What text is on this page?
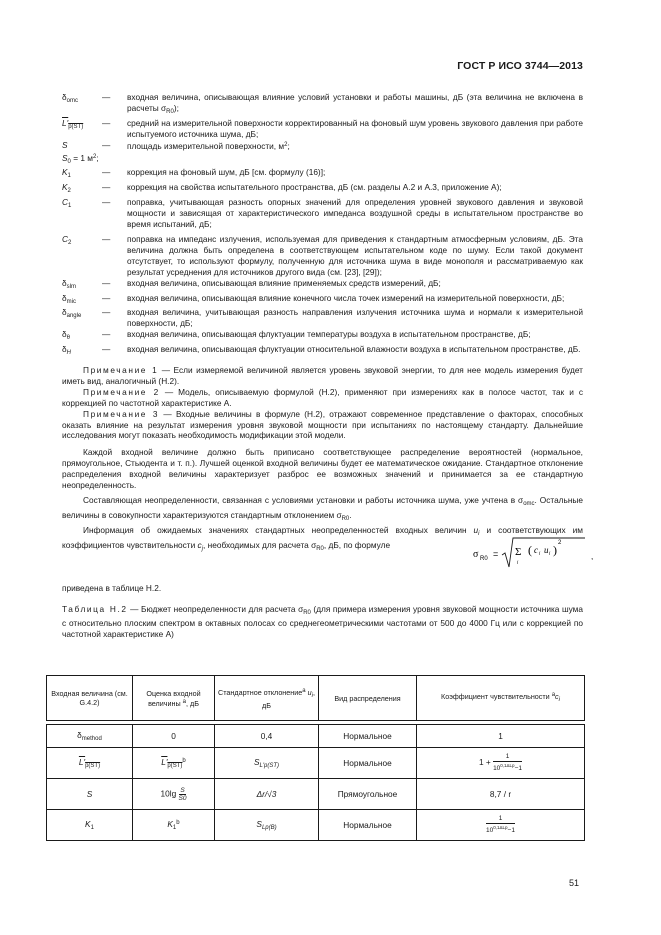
ГОСТ Р ИСО 3744—2013
$\delta_{omc}$	—	входная величина, описывающая влияние условий установки и работы машины, дБ (эта величина не включена в расчеты $\sigma_{R0}$);
$L'_{p(ST)}$	—	средний на измерительной поверхности корректированный на фоновый шум уровень звукового давления при работе испытуемого источника шума, дБ;
S	—	площадь измерительной поверхности, $м^2$;
$S_0 = 1$ $м^2$;
$K_1$	—	коррекция на фоновый шум, дБ [см. формулу (16)];
$K_2$	—	коррекция на свойства испытательного пространства, дБ (см. разделы А.2 и А.3, приложение А);
$C_1$	—	поправка, учитывающая разность опорных значений для определения уровней звукового давления и звуковой мощности и зависящая от характеристического импеданса воздушной среды в испытательном пространстве во время испытаний, дБ;
$C_2$	—	поправка на импеданс излучения, используемая для приведения к стандартным атмосферным условиям, дБ. Эта величина должна быть определена в соответствующем испытательном коде по шуму. Если такой документ отсутствует, то используют формулу, полученную для источника шума в виде монополя и рассматриваемую как результат усреднения для источников другого вида (см. [23], [29]);
$\delta_{slm}$	—	входная величина, описывающая влияние применяемых средств измерений, дБ;
$\delta_{mic}$	—	входная величина, описывающая влияние конечного числа точек измерений на измерительной поверхности, дБ;
$\delta_{angle}$	—	входная величина, учитывающая разность направления излучения источника шума и нормали к измерительной поверхности, дБ;
$\delta_\theta$	—	входная величина, описывающая флуктуации температуры воздуха в испытательном пространстве, дБ;
$\delta_H$	—	входная величина, описывающая флуктуации относительной влажности воздуха в испытательном пространстве, дБ.
Примечание 1 — Если измеряемой величиной является уровень звуковой энергии, то для нее модель измерения будет иметь вид, аналогичный (Н.2).
Примечание 2 — Модель, описываемую формулой (Н.2), применяют при измерениях как в полосе частот, так и с коррекцией по частотной характеристике А.
Примечание 3 — Входные величины в формуле (Н.2), отражают современное представление о факторах, способных оказать влияние на результат измерения уровня звуковой мощности при испытаниях по настоящему стандарту. Дальнейшие исследования могут показать необходимость модификации этой модели.
Каждой входной величине должно быть приписано соответствующее распределение вероятностей (нормальное, прямоугольное, Стьюдента и т. п.). Лучшей оценкой входной величины будет ее математическое ожидание. Стандартное отклонение распределения входной величины характеризует разброс ее возможных значений и принимается за ее стандартную неопределенность.
Составляющая неопределенности, связанная с условиями установки и работы источника шума, уже учтена в $\sigma_{omc}$. Остальные величины в совокупности характеризуются стандартным отклонением $\sigma_{R0}$.
Информация об ожидаемых значениях стандартных неопределенностей входных величин $u_i$ и соответствующих им коэффициентов чувствительности $c_j$, необходимых для расчета $\sigma_{R0}$, дБ, по формуле
σ R0 = Σ
i
( c i u i ) 2
,
приведена в таблице Н.2.
Таблица Н.2 — Бюджет неопределенности для расчета $\sigma_{R0}$ (для примера измерения уровня звуковой мощности источника шума с относительно плоским спектром в октавных полосах со среднегеометрическими частотами от 500 до 4000 Гц или с коррекцией по частотной характеристике А)
Входная величина (см. G.4.2)	Оценка входной величины $^а$, дБ	Стандартное отклонение$^а$ $u_i$, дБ	Вид распределения	Коэффициент чувствительности $^аc_i$

$\delta_{method}$	0	0,4	Нормальное	1
$L'_{p(ST)}$	$L'_{p(ST)}^b$	$S_{L'p(ST)}$	Нормальное	1 +
1
$10^{0,1\Delta Lp}-1$

S	$10\lg \frac{S}{S0}$	Δr/√3	Прямоугольное	8,7 / r
$K_1$	$K_1^b$	$S_{Lp(B)}$	Нормальное	1
$10^{0,1\Delta Lp}-1$
51
